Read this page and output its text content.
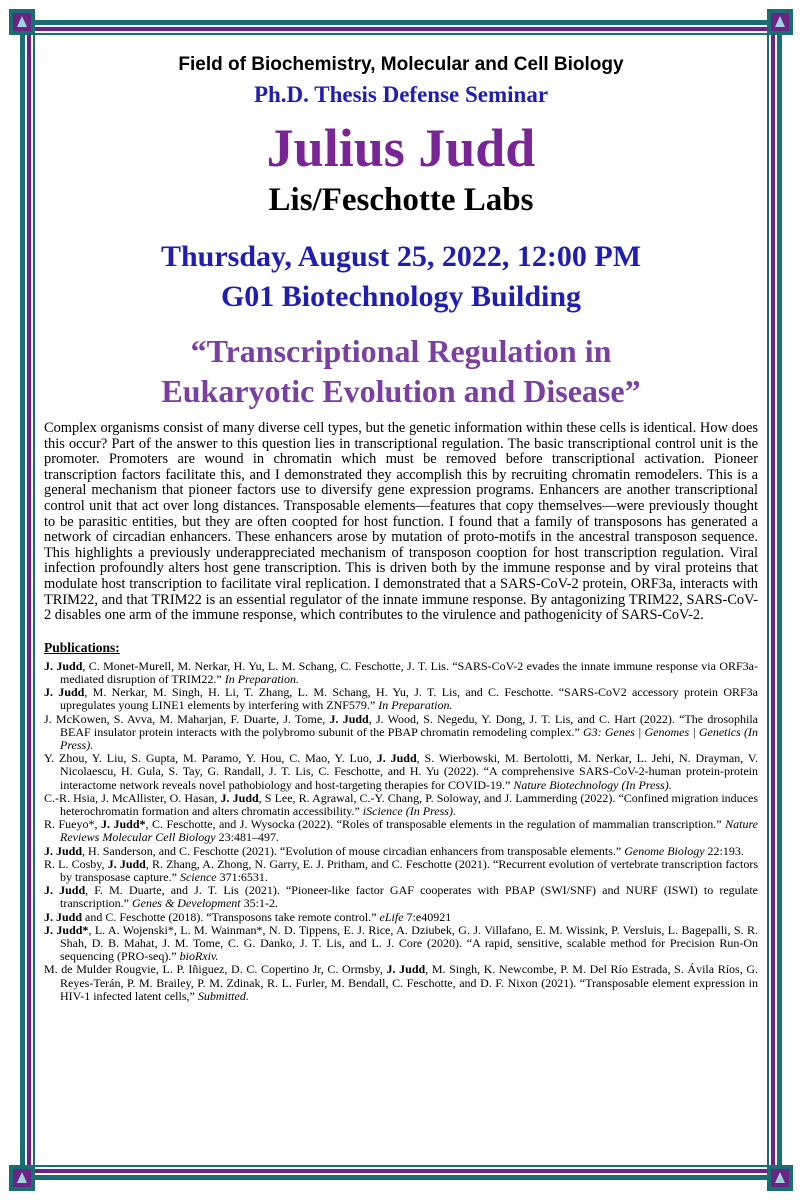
Field of Biochemistry, Molecular and Cell Biology
Ph.D. Thesis Defense Seminar
Julius Judd
Lis/Feschotte Labs
Thursday, August 25, 2022, 12:00 PM
G01 Biotechnology Building
“Transcriptional Regulation in
Eukaryotic Evolution and Disease”
Complex organisms consist of many diverse cell types, but the genetic information within these cells is identical. How does this occur? Part of the answer to this question lies in transcriptional regulation. The basic transcriptional control unit is the promoter. Promoters are wound in chromatin which must be removed before transcriptional activation. Pioneer transcription factors facilitate this, and I demonstrated they accomplish this by recruiting chromatin remodelers. This is a general mechanism that pioneer factors use to diversify gene expression programs. Enhancers are another transcriptional control unit that act over long distances. Transposable elements—features that copy themselves—were previously thought to be parasitic entities, but they are often coopted for host function. I found that a family of transposons has generated a network of circadian enhancers. These enhancers arose by mutation of proto-motifs in the ancestral transposon sequence. This highlights a previously underappreciated mechanism of transposon cooption for host transcription regulation. Viral infection profoundly alters host gene transcription. This is driven both by the immune response and by viral proteins that modulate host transcription to facilitate viral replication. I demonstrated that a SARS-CoV-2 protein, ORF3a, interacts with TRIM22, and that TRIM22 is an essential regulator of the innate immune response. By antagonizing TRIM22, SARS-CoV-2 disables one arm of the immune response, which contributes to the virulence and pathogenicity of SARS-CoV-2.
Publications:

J. Judd, C. Monet-Murell, M. Nerkar, H. Yu, L. M. Schang, C. Feschotte, J. T. Lis. “SARS-CoV-2 evades the innate immune response via ORF3a-mediated disruption of TRIM22.” In Preparation.

J. Judd, M. Nerkar, M. Singh, H. Li, T. Zhang, L. M. Schang, H. Yu, J. T. Lis, and C. Feschotte. “SARS-CoV2 accessory protein ORF3a upregulates young LINE1 elements by interfering with ZNF579.” In Preparation.

J. McKowen, S. Avva, M. Maharjan, F. Duarte, J. Tome, J. Judd, J. Wood, S. Negedu, Y. Dong, J. T. Lis, and C. Hart (2022). “The drosophila BEAF insulator protein interacts with the polybromo subunit of the PBAP chromatin remodeling complex.” G3: Genes | Genomes | Genetics (In Press).

Y. Zhou, Y. Liu, S. Gupta, M. Paramo, Y. Hou, C. Mao, Y. Luo, J. Judd, S. Wierbowski, M. Bertolotti, M. Nerkar, L. Jehi, N. Drayman, V. Nicolaescu, H. Gula, S. Tay, G. Randall, J. T. Lis, C. Feschotte, and H. Yu (2022). “A comprehensive SARS-CoV-2-human protein-protein interactome network reveals novel pathobiology and host-targeting therapies for COVID-19.” Nature Biotechnology (In Press).

C.-R. Hsia, J. McAllister, O. Hasan, J. Judd, S Lee, R. Agrawal, C.-Y. Chang, P. Soloway, and J. Lammerding (2022). “Confined migration induces heterochromatin formation and alters chromatin accessibility.” iScience (In Press).

R. Fueyo*, J. Judd*, C. Feschotte, and J. Wysocka (2022). “Roles of transposable elements in the regulation of mammalian transcription.” Nature Reviews Molecular Cell Biology 23:481–497.

J. Judd, H. Sanderson, and C. Feschotte (2021). “Evolution of mouse circadian enhancers from transposable elements.” Genome Biology 22:193.

R. L. Cosby, J. Judd, R. Zhang, A. Zhong, N. Garry, E. J. Pritham, and C. Feschotte (2021). “Recurrent evolution of vertebrate transcription factors by transposase capture.” Science 371:6531.

J. Judd, F. M. Duarte, and J. T. Lis (2021). “Pioneer-like factor GAF cooperates with PBAP (SWI/SNF) and NURF (ISWI) to regulate transcription.” Genes & Development 35:1-2.

J. Judd and C. Feschotte (2018). “Transposons take remote control.” eLife 7:e40921

J. Judd*, L. A. Wojenski*, L. M. Wainman*, N. D. Tippens, E. J. Rice, A. Dziubek, G. J. Villafano, E. M. Wissink, P. Versluis, L. Bagepalli, S. R. Shah, D. B. Mahat, J. M. Tome, C. G. Danko, J. T. Lis, and L. J. Core (2020). “A rapid, sensitive, scalable method for Precision Run-On sequencing (PRO-seq).” bioRxiv.

M. de Mulder Rougvie, L. P. Iñiguez, D. C. Copertino Jr, C. Ormsby, J. Judd, M. Singh, K. Newcombe, P. M. Del Río Estrada, S. Ávila Ríos, G. Reyes-Terán, P. M. Brailey, P. M. Zdinak, R. L. Furler, M. Bendall, C. Feschotte, and D. F. Nixon (2021). “Transposable element expression in HIV-1 infected latent cells,” Submitted.
